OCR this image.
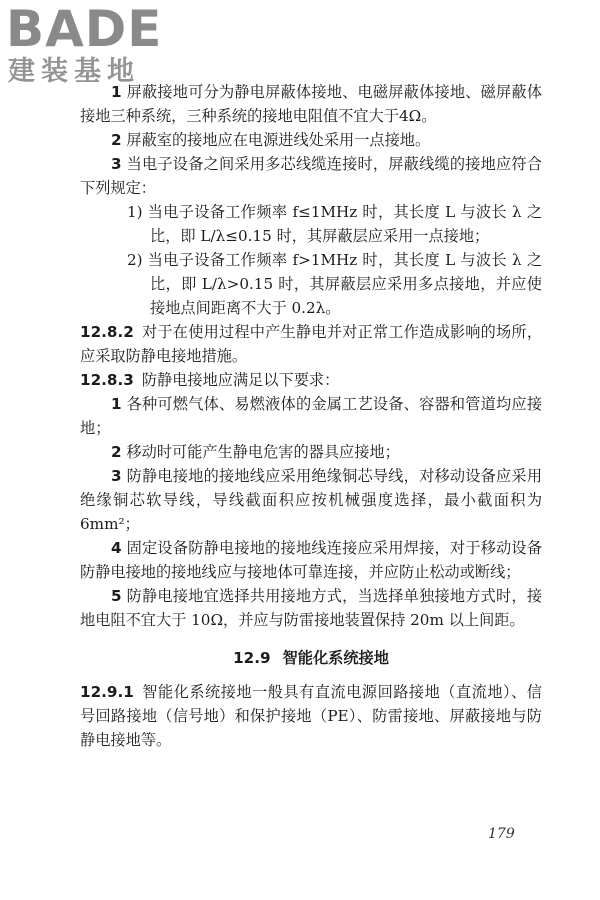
BADE
建装基地

1 屏蔽接地可分为静电屏蔽体接地、电磁屏蔽体接地、磁屏蔽体接地三种系统，三种系统的接地电阻值不宜大于4Ω。

2 屏蔽室的接地应在电源进线处采用一点接地。

3 当电子设备之间采用多芯线缆连接时，屏蔽线缆的接地应符合下列规定：

1) 当电子设备工作频率 f≤1MHz 时，其长度 L 与波长 λ 之比，即 L/λ≤0.15 时，其屏蔽层应采用一点接地；

2) 当电子设备工作频率 f>1MHz 时，其长度 L 与波长 λ 之比，即 L/λ>0.15 时，其屏蔽层应采用多点接地，并应使接地点间距离不大于 0.2λ。

12.8.2 对于在使用过程中产生静电并对正常工作造成影响的场所，应采取防静电接地措施。

12.8.3 防静电接地应满足以下要求：

1 各种可燃气体、易燃液体的金属工艺设备、容器和管道均应接地；

2 移动时可能产生静电危害的器具应接地；

3 防静电接地的接地线应采用绝缘铜芯导线，对移动设备应采用绝缘铜芯软导线，导线截面积应按机械强度选择，最小截面积为 6mm²；

4 固定设备防静电接地的接地线连接应采用焊接，对于移动设备防静电接地的接地线应与接地体可靠连接，并应防止松动或断线；

5 防静电接地宜选择共用接地方式，当选择单独接地方式时，接地电阻不宜大于 10Ω，并应与防雷接地装置保持 20m 以上间距。

12.9 智能化系统接地

12.9.1 智能化系统接地一般具有直流电源回路接地（直流地）、信号回路接地（信号地）和保护接地（PE）、防雷接地、屏蔽接地与防静电接地等。

179
